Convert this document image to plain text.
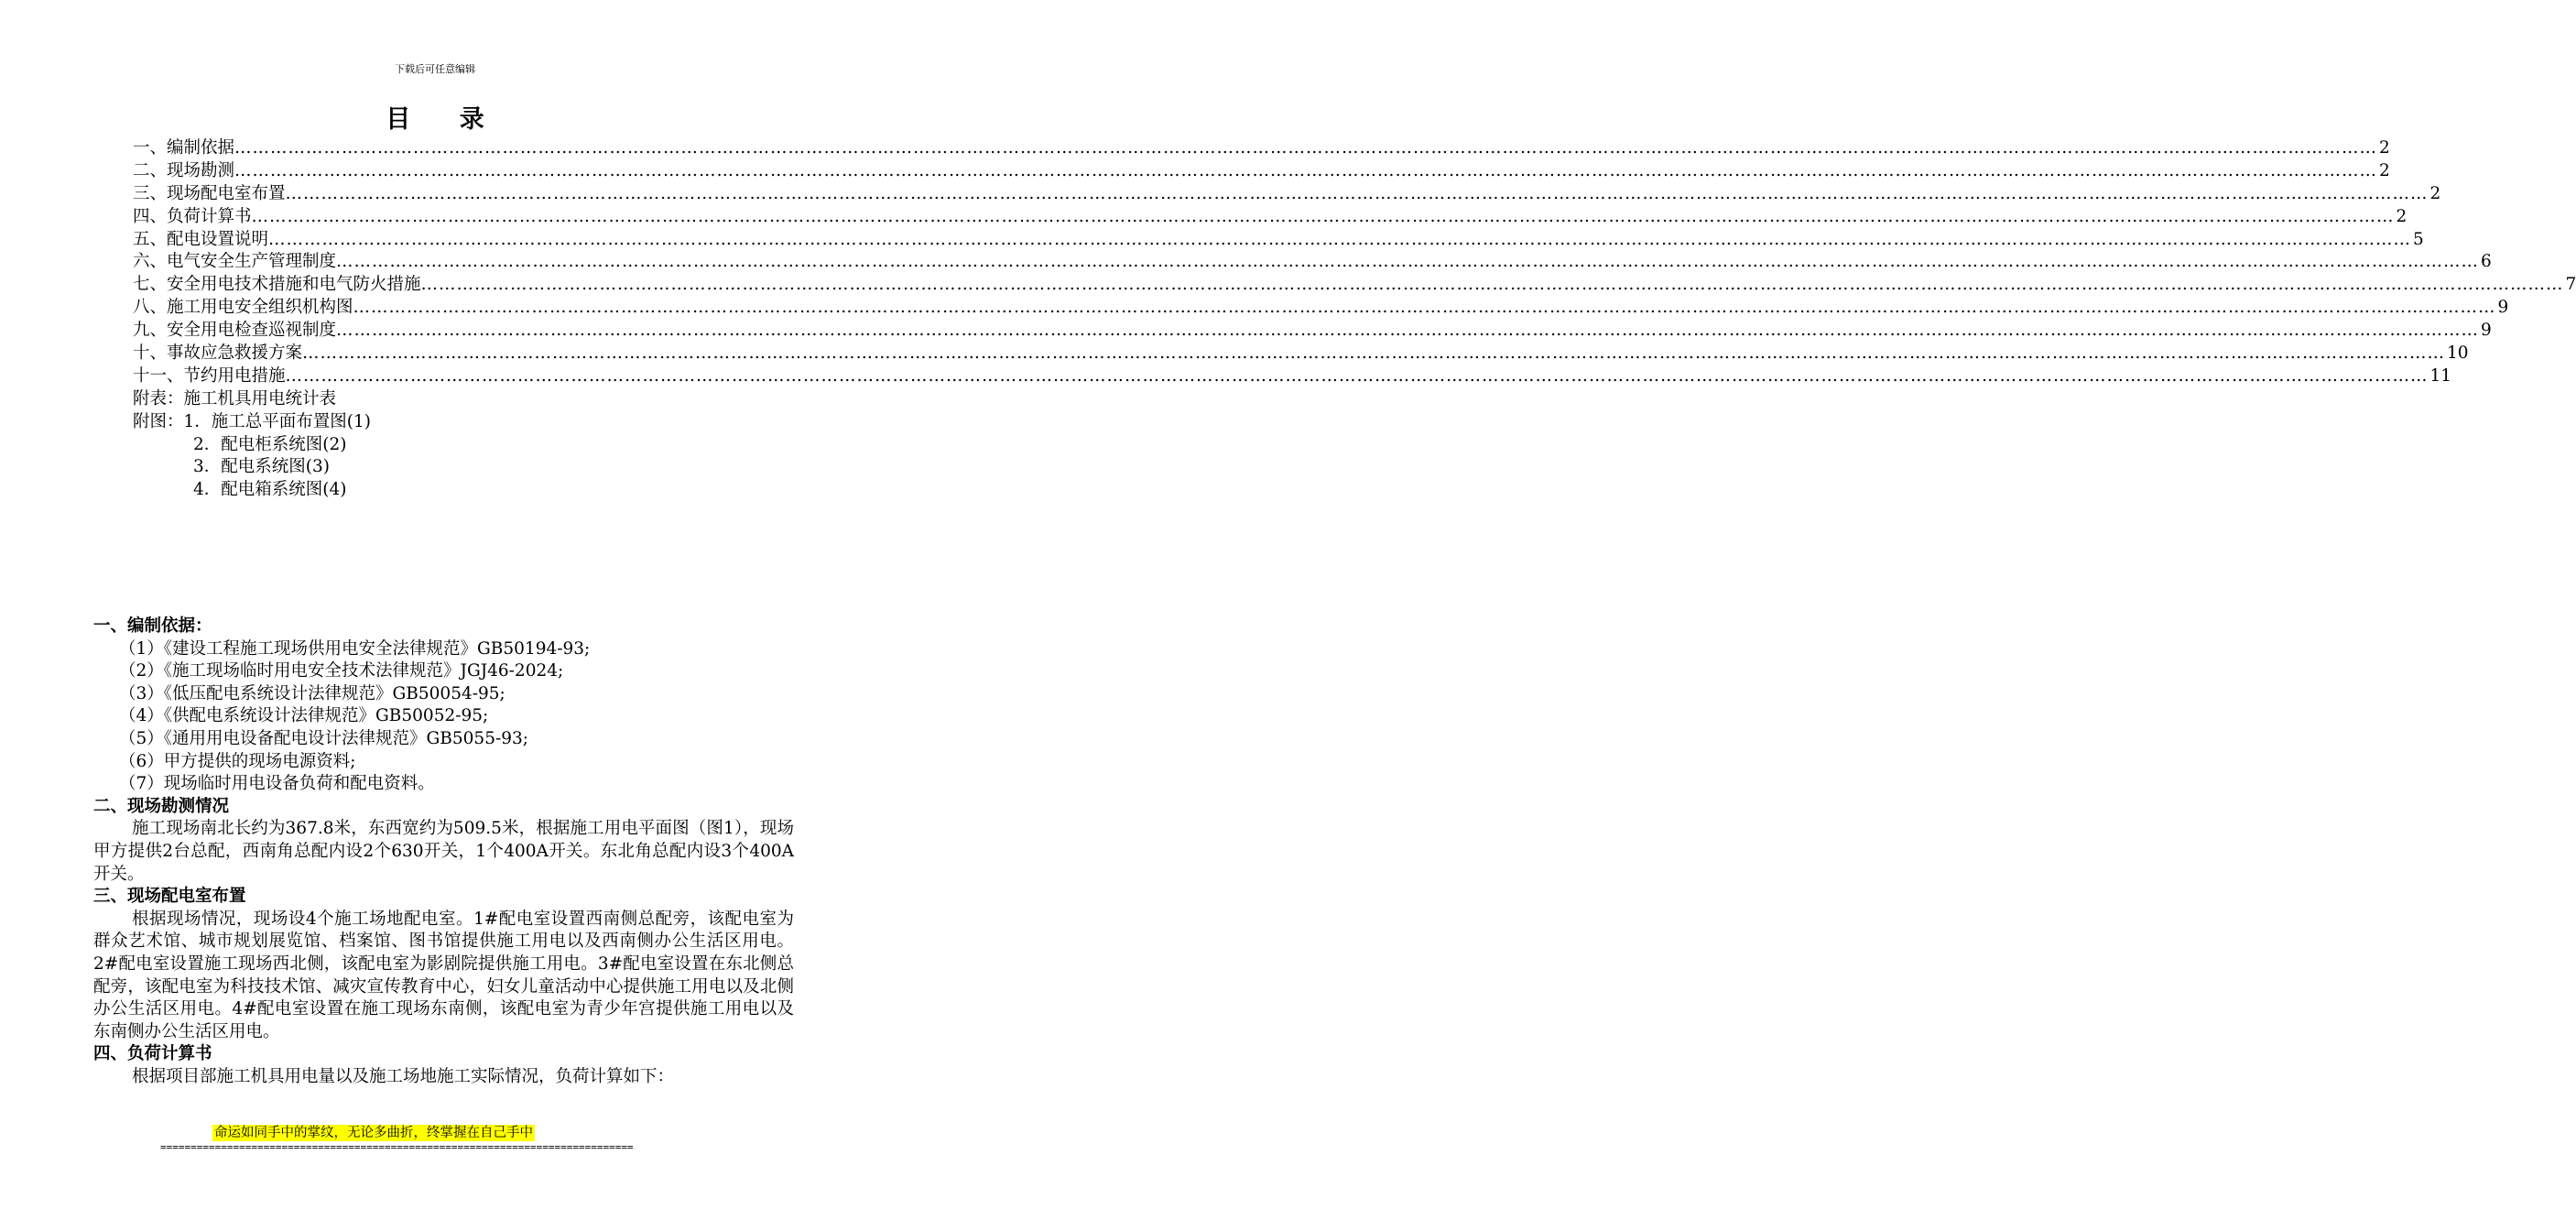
下载后可任意编辑
目 录
一、编制依据 ……………………………………………………………………………………………………………………………………………………………………………………………………………………………………………………………………………………………………………………………… 2
二、现场勘测 ……………………………………………………………………………………………………………………………………………………………………………………………………………………………………………………………………………………………………………………………… 2
三、现场配电室布置 ……………………………………………………………………………………………………………………………………………………………………………………………………………………………………………………………………………………………………………………………… 2
四、负荷计算书 ……………………………………………………………………………………………………………………………………………………………………………………………………………………………………………………………………………………………………………………………… 2
五、配电设置说明 ……………………………………………………………………………………………………………………………………………………………………………………………………………………………………………………………………………………………………………………………… 5
六、电气安全生产管理制度 ……………………………………………………………………………………………………………………………………………………………………………………………………………………………………………………………………………………………………………………………… 6
七、安全用电技术措施和电气防火措施 ……………………………………………………………………………………………………………………………………………………………………………………………………………………………………………………………………………………………………………………………… 7
八、施工用电安全组织机构图 ……………………………………………………………………………………………………………………………………………………………………………………………………………………………………………………………………………………………………………………………… 9
九、安全用电检查巡视制度 ……………………………………………………………………………………………………………………………………………………………………………………………………………………………………………………………………………………………………………………………… 9
十、事故应急救援方案 ……………………………………………………………………………………………………………………………………………………………………………………………………………………………………………………………………………………………………………………………… 10
十一、节约用电措施 ……………………………………………………………………………………………………………………………………………………………………………………………………………………………………………………………………………………………………………………………… 11
附表：施工机具用电统计表
附图：1．施工总平面布置图(1)
2．配电柜系统图(2)
3．配电系统图(3)
4．配电箱系统图(4)
一、编制依据：
（1）《建设工程施工现场供用电安全法律规范》GB50194-93;
（2）《施工现场临时用电安全技术法律规范》JGJ46-2024;
（3）《低压配电系统设计法律规范》GB50054-95;
（4）《供配电系统设计法律规范》GB50052-95;
（5）《通用用电设备配电设计法律规范》GB5055-93;
（6）甲方提供的现场电源资料;
（7）现场临时用电设备负荷和配电资料。
二、现场勘测情况
施工现场南北长约为367.8米，东西宽约为509.5米，根据施工用电平面图（图1），现场甲方提供2台总配，西南角总配内设2个630开关，1个400A开关。东北角总配内设3个400A开关。
三、现场配电室布置
根据现场情况，现场设4个施工场地配电室。1#配电室设置西南侧总配旁，该配电室为群众艺术馆、城市规划展览馆、档案馆、图书馆提供施工用电以及西南侧办公生活区用电。2#配电室设置施工现场西北侧，该配电室为影剧院提供施工用电。3#配电室设置在东北侧总配旁，该配电室为科技技术馆、减灾宣传教育中心，妇女儿童活动中心提供施工用电以及北侧办公生活区用电。4#配电室设置在施工现场东南侧，该配电室为青少年宫提供施工用电以及东南侧办公生活区用电。
四、负荷计算书
根据项目部施工机具用电量以及施工场地施工实际情况，负荷计算如下：
命运如同手中的掌纹，无论多曲折，终掌握在自己手中
==============================================================================
